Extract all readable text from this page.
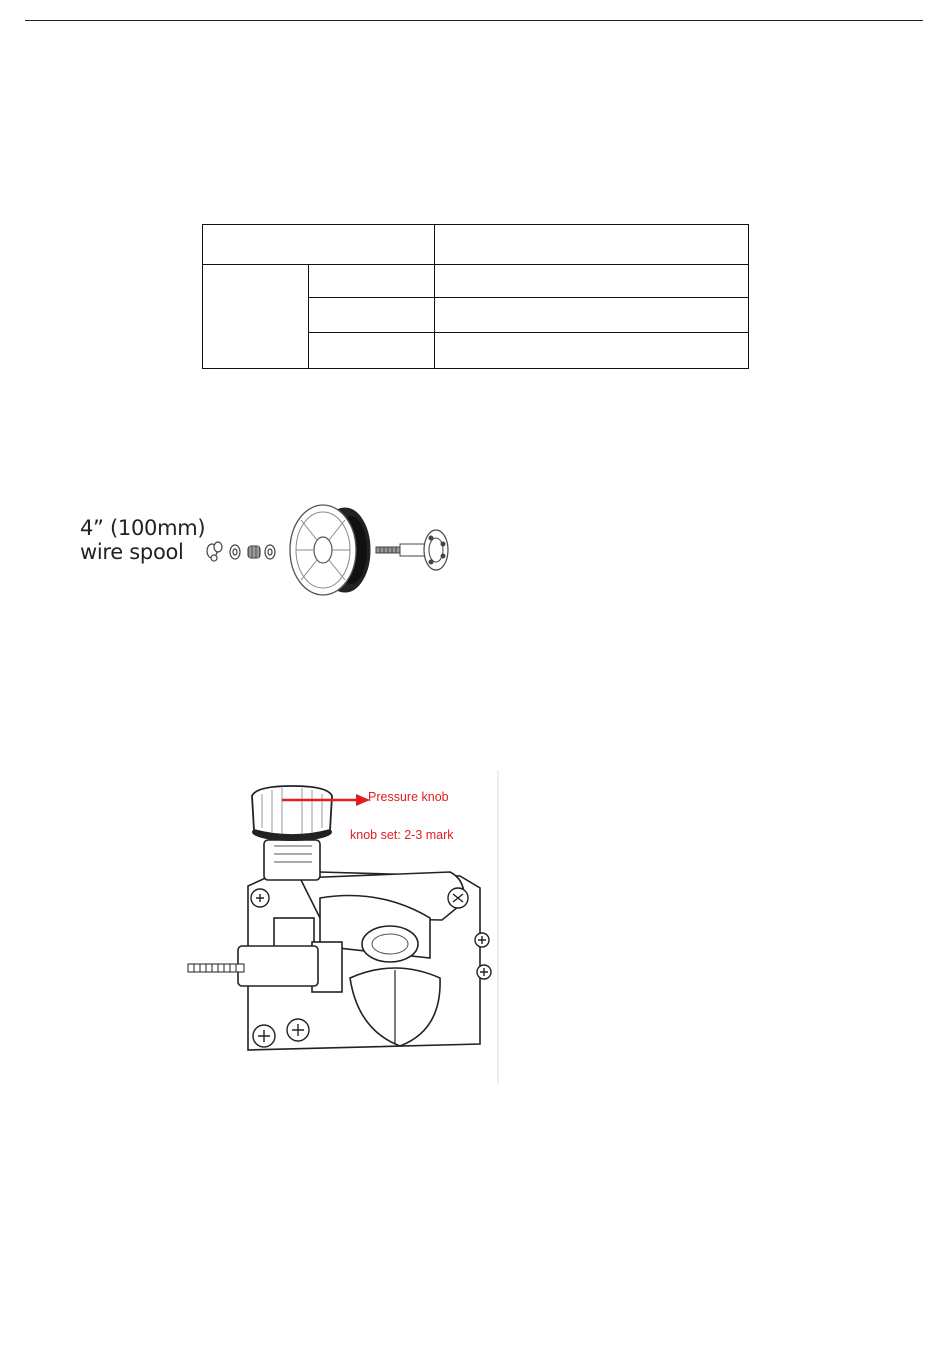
4” (100mm)
wire spool
Pressure knob
knob set: 2-3 mark
